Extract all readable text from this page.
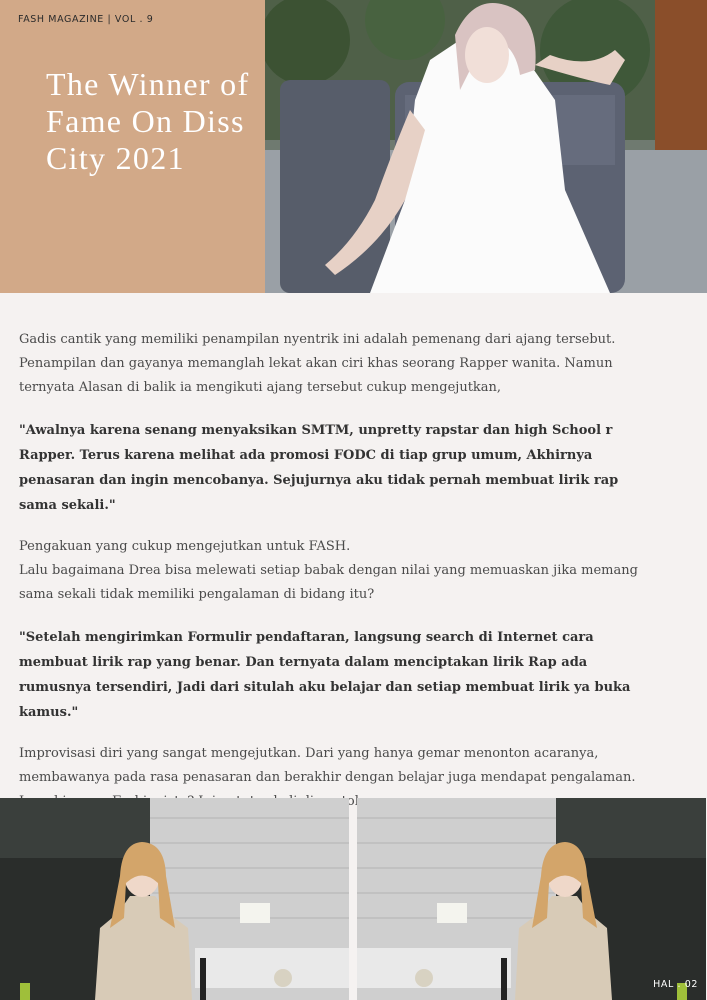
FASH MAGAZINE | VOL . 9
The Winner of Fame On Diss City 2021

Gadis cantik yang memiliki penampilan nyentrik ini adalah pemenang dari ajang tersebut. Penampilan dan gayanya memanglah lekat akan ciri khas seorang Rapper wanita. Namun ternyata Alasan di balik ia mengikuti ajang tersebut cukup mengejutkan,

"Awalnya karena senang menyaksikan SMTM, unpretty rapstar dan high School r Rapper. Terus karena melihat ada promosi FODC di tiap grup umum, Akhirnya penasaran dan ingin mencobanya. Sejujurnya aku tidak pernah membuat lirik rap sama sekali."

Pengakuan yang cukup mengejutkan untuk FASH.

Lalu bagaimana Drea bisa melewati setiap babak dengan nilai yang memuaskan jika memang sama sekali tidak memiliki pengalaman di bidang itu?

"Setelah mengirimkan Formulir pendaftaran, langsung search di Internet cara membuat lirik rap yang benar. Dan ternyata dalam menciptakan lirik Rap ada rumusnya tersendiri, Jadi dari situlah aku belajar dan setiap membuat lirik ya buka kamus."

Improvisasi diri yang sangat mengejutkan. Dari yang hanya gemar menonton acaranya, membawanya pada rasa penasaran dan berakhir dengan belajar juga mendapat pengalaman.

HAL . 02
